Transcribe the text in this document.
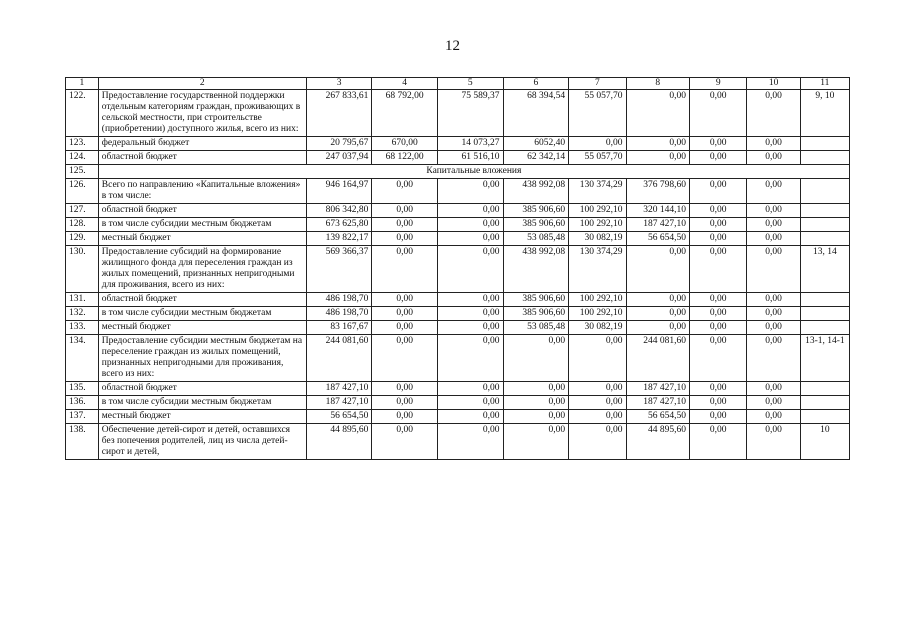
12
1	2	3	4	5	6	7	8	9	10	11
122.	Предоставление государственной поддержки отдельным категориям граждан, проживающих в сельской местности, при строительстве (приобретении) доступного жилья, всего из них:	267 833,61	68 792,00	75 589,37	68 394,54	55 057,70	0,00	0,00	0,00	9, 10
123.	федеральный бюджет	20 795,67	670,00	14 073,27	6052,40	0,00	0,00	0,00	0,00	
124.	областной бюджет	247 037,94	68 122,00	61 516,10	62 342,14	55 057,70	0,00	0,00	0,00	
125.	Капитальные вложения									
126.	Всего по направлению «Капитальные вложения» в том числе:	946 164,97	0,00	0,00	438 992,08	130 374,29	376 798,60	0,00	0,00	
127.	областной бюджет	806 342,80	0,00	0,00	385 906,60	100 292,10	320 144,10	0,00	0,00	
128.	в том числе субсидии местным бюджетам	673 625,80	0,00	0,00	385 906,60	100 292,10	187 427,10	0,00	0,00	
129.	местный бюджет	139 822,17	0,00	0,00	53 085,48	30 082,19	56 654,50	0,00	0,00	
130.	Предоставление субсидий на формирование жилищного фонда для переселения граждан из жилых помещений, признанных непригодными для проживания, всего из них:	569 366,37	0,00	0,00	438 992,08	130 374,29	0,00	0,00	0,00	13, 14
131.	областной бюджет	486 198,70	0,00	0,00	385 906,60	100 292,10	0,00	0,00	0,00	
132.	в том числе субсидии местным бюджетам	486 198,70	0,00	0,00	385 906,60	100 292,10	0,00	0,00	0,00	
133.	местный бюджет	83 167,67	0,00	0,00	53 085,48	30 082,19	0,00	0,00	0,00	
134.	Предоставление субсидии местным бюджетам на переселение граждан из жилых помещений, признанных непригодными для проживания, всего из них:	244 081,60	0,00	0,00	0,00	0,00	244 081,60	0,00	0,00	13-1, 14-1
135.	областной бюджет	187 427,10	0,00	0,00	0,00	0,00	187 427,10	0,00	0,00	
136.	в том числе субсидии местным бюджетам	187 427,10	0,00	0,00	0,00	0,00	187 427,10	0,00	0,00	
137.	местный бюджет	56 654,50	0,00	0,00	0,00	0,00	56 654,50	0,00	0,00	
138.	Обеспечение детей-сирот и детей, оставшихся без попечения родителей, лиц из числа детей-сирот и детей,	44 895,60	0,00	0,00	0,00	0,00	44 895,60	0,00	0,00	10
